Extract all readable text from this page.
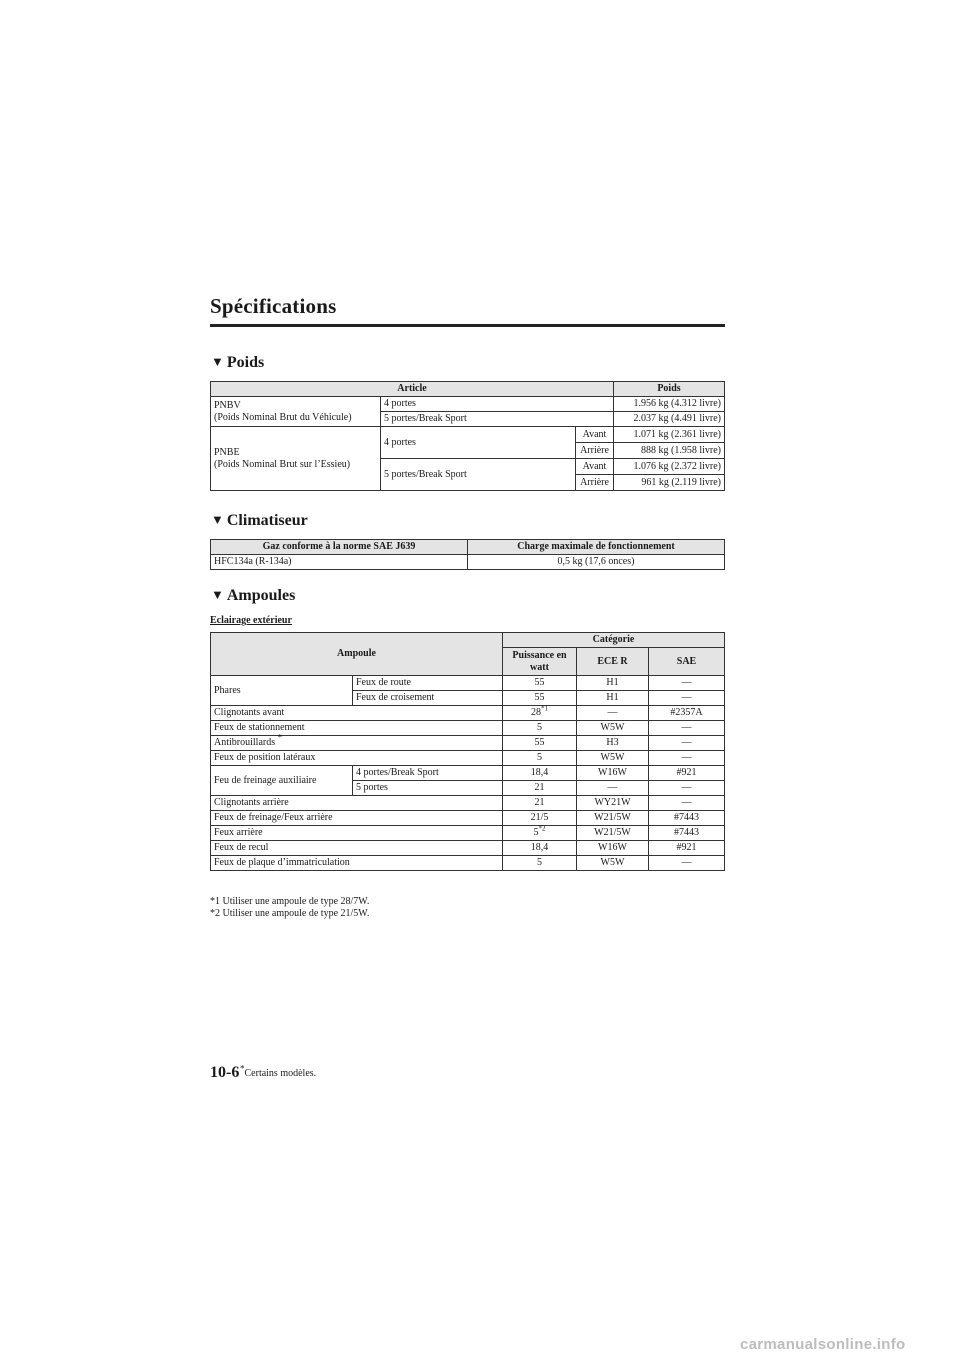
Spécifications
▼ Poids
Article			Poids
PNBV
(Poids Nominal Brut du Véhicule)	4 portes		1.956 kg (4.312 livre)
	5 portes/Break Sport		2.037 kg (4.491 livre)
PNBE
(Poids Nominal Brut sur l’Essieu)	4 portes	Avant	1.071 kg (2.361 livre)
		Arrière	888 kg (1.958 livre)
	5 portes/Break Sport	Avant	1.076 kg (2.372 livre)
		Arrière	961 kg (2.119 livre)
▼ Climatiseur
Gaz conforme à la norme SAE J639	Charge maximale de fonctionnement
HFC134a (R-134a)	0,5 kg (17,6 onces)
▼ Ampoules
Eclairage extérieur
Ampoule		Catégorie		
		Puissance en watt	ECE R	SAE
Phares	Feux de route	55	H1	—
	Feux de croisement	55	H1	—
Clignotants avant		28$^{*1}$	—	#2357A
Feux de stationnement		5	W5W	—
Antibrouillards *		55	H3	—
Feux de position latéraux		5	W5W	—
Feu de freinage auxiliaire	4 portes/Break Sport	18,4	W16W	#921
	5 portes	21	—	—
Clignotants arrière		21	WY21W	—
Feux de freinage/Feux arrière		21/5	W21/5W	#7443
Feux arrière		5$^{*2}$	W21/5W	#7443
Feux de recul		18,4	W16W	#921
Feux de plaque d’immatriculation		5	W5W	—
*1 Utiliser une ampoule de type 28/7W.
*2 Utiliser une ampoule de type 21/5W.
10-6 *Certains modèles.
carmanualsonline.info
